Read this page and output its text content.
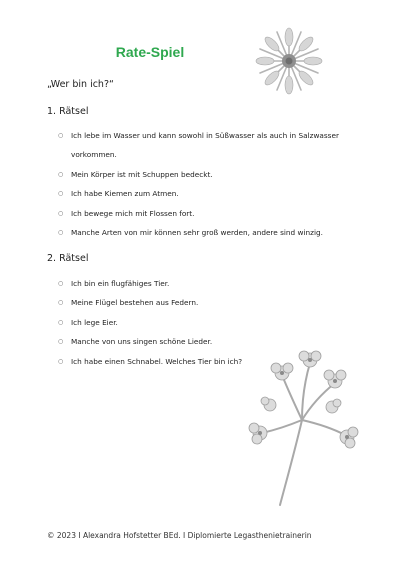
Rate-Spiel
„Wer bin ich?“
1. Rätsel
○ Ich lebe im Wasser und kann sowohl in Süßwasser als auch in Salzwasser vorkommen.
○ Mein Körper ist mit Schuppen bedeckt.
○ Ich habe Kiemen zum Atmen.
○ Ich bewege mich mit Flossen fort.
○ Manche Arten von mir können sehr groß werden, andere sind winzig.
2. Rätsel
○ Ich bin ein flugfähiges Tier.
○ Meine Flügel bestehen aus Federn.
○ Ich lege Eier.
○ Manche von uns singen schöne Lieder.
○ Ich habe einen Schnabel. Welches Tier bin ich?
© 2023 I Alexandra Hofstetter BEd. I Diplomierte Legasthenietrainerin
